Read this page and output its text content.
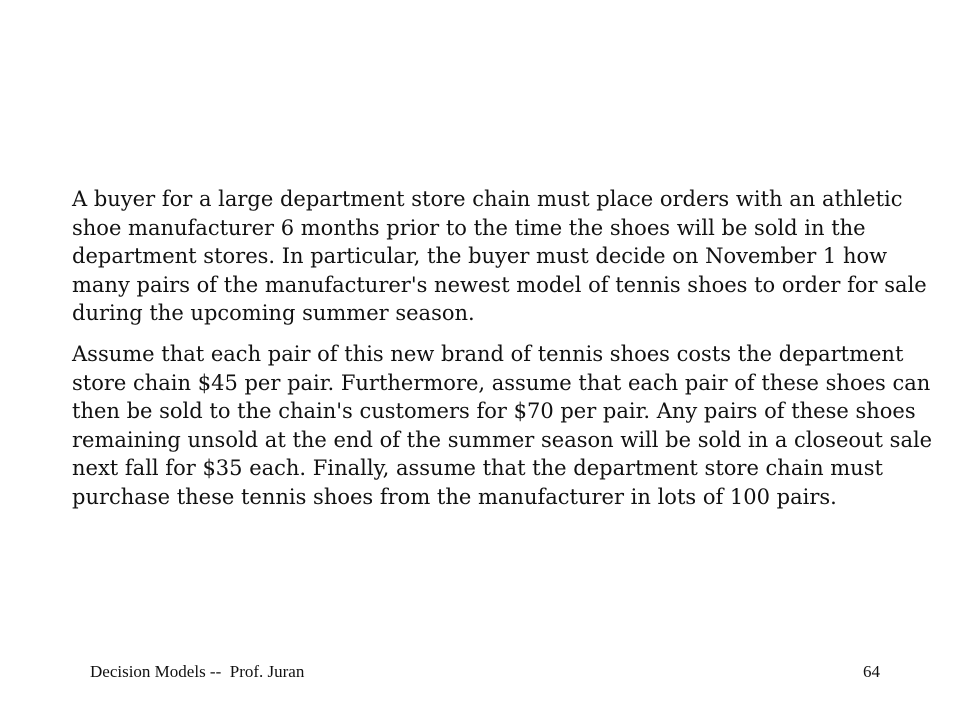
A buyer for a large department store chain must place orders with an athletic
shoe manufacturer 6 months prior to the time the shoes will be sold in the
department stores. In particular, the buyer must decide on November 1 how
many pairs of the manufacturer's newest model of tennis shoes to order for sale
during the upcoming summer season.

Assume that each pair of this new brand of tennis shoes costs the department
store chain $45 per pair. Furthermore, assume that each pair of these shoes can
then be sold to the chain's customers for $70 per pair. Any pairs of these shoes
remaining unsold at the end of the summer season will be sold in a closeout sale
next fall for $35 each. Finally, assume that the department store chain must
purchase these tennis shoes from the manufacturer in lots of 100 pairs.

Decision Models --  Prof. Juran	64
